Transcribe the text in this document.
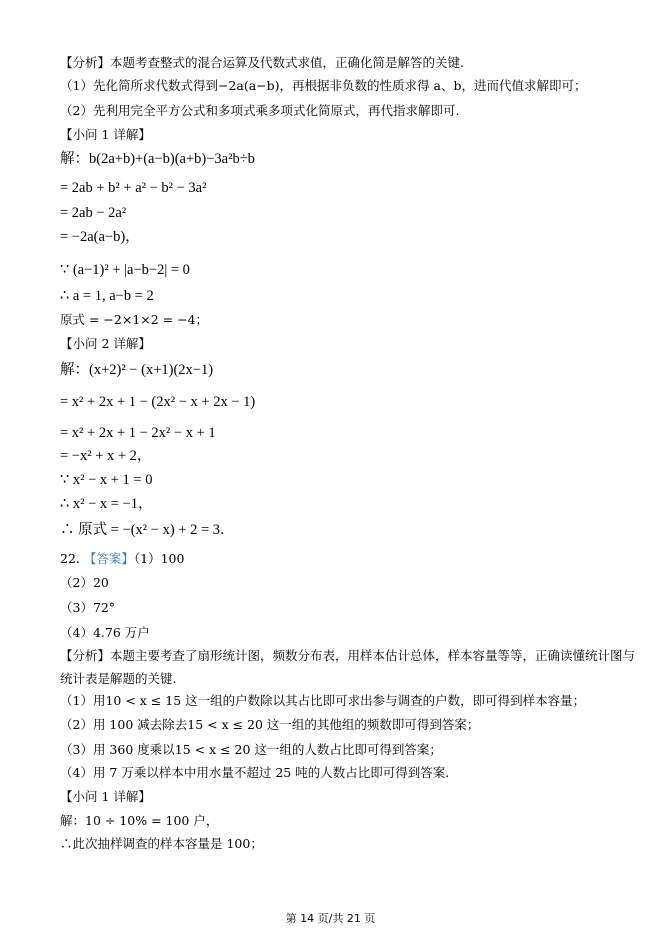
【分析】本题考查整式的混合运算及代数式求值，正确化简是解答的关键.
（1）先化简所求代数式得到−2a(a−b)，再根据非负数的性质求得 a、b，进而代值求解即可；
（2）先利用完全平方公式和多项式乘多项式化简原式，再代指求解即可.
【小问 1 详解】
解：b(2a+b)+(a−b)(a+b)−3a²b÷b
= 2ab + b² + a² − b² − 3a²
= 2ab − 2a²
= −2a(a−b)，
∵ (a−1)² + |a−b−2| = 0
∴ a = 1, a−b = 2
原式 = −2×1×2 = −4；
【小问 2 详解】
解：(x+2)² − (x+1)(2x−1)
= x² + 2x + 1 − (2x² − x + 2x − 1)
= x² + 2x + 1 − 2x² − x + 1
= −x² + x + 2，
∵ x² − x + 1 = 0
∴ x² − x = −1，
∴ 原式 = −(x² − x) + 2 = 3．
22. 【答案】（1）100
（2）20
（3）72°
（4）4.76 万户
【分析】本题主要考查了扇形统计图，频数分布表，用样本估计总体，样本容量等等，正确读懂统计图与
统计表是解题的关键.
（1）用10 < x ≤ 15 这一组的户数除以其占比即可求出参与调查的户数，即可得到样本容量；
（2）用 100 减去除去15 < x ≤ 20 这一组的其他组的频数即可得到答案；
（3）用 360 度乘以15 < x ≤ 20 这一组的人数占比即可得到答案；
（4）用 7 万乘以样本中用水量不超过 25 吨的人数占比即可得到答案.
【小问 1 详解】
解：10 ÷ 10% = 100 户，
∴此次抽样调查的样本容量是 100；
第 14 页/共 21 页
